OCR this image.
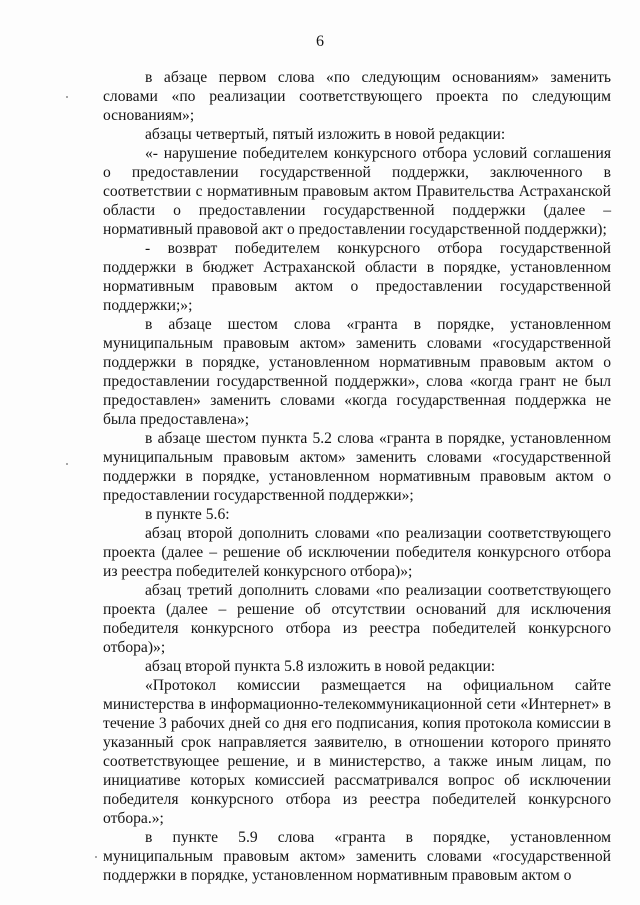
6

в абзаце первом слова «по следующим основаниям» заменить словами «по реализации соответствующего проекта по следующим основаниям»;

абзацы четвертый, пятый изложить в новой редакции:

«- нарушение победителем конкурсного отбора условий соглашения о предоставлении государственной поддержки, заключенного в соответствии с нормативным правовым актом Правительства Астраханской области о предоставлении государственной поддержки (далее – нормативный правовой акт о предоставлении государственной поддержки);

- возврат победителем конкурсного отбора государственной поддержки в бюджет Астраханской области в порядке, установленном нормативным правовым актом о предоставлении государственной поддержки;»;

в абзаце шестом слова «гранта в порядке, установленном муниципальным правовым актом» заменить словами «государственной поддержки в порядке, установленном нормативным правовым актом о предоставлении государственной поддержки», слова «когда грант не был предоставлен» заменить словами «когда государственная поддержка не была предоставлена»;

в абзаце шестом пункта 5.2 слова «гранта в порядке, установленном муниципальным правовым актом» заменить словами «государственной поддержки в порядке, установленном нормативным правовым актом о предоставлении государственной поддержки»;

в пункте 5.6:

абзац второй дополнить словами «по реализации соответствующего проекта (далее – решение об исключении победителя конкурсного отбора из реестра победителей конкурсного отбора)»;

абзац третий дополнить словами «по реализации соответствующего проекта (далее – решение об отсутствии оснований для исключения победителя конкурсного отбора из реестра победителей конкурсного отбора)»;

абзац второй пункта 5.8 изложить в новой редакции:

«Протокол комиссии размещается на официальном сайте министерства в информационно-телекоммуникационной сети «Интернет» в течение 3 рабочих дней со дня его подписания, копия протокола комиссии в указанный срок направляется заявителю, в отношении которого принято соответствующее решение, и в министерство, а также иным лицам, по инициативе которых комиссией рассматривался вопрос об исключении победителя конкурсного отбора из реестра победителей конкурсного отбора.»;

в пункте 5.9 слова «гранта в порядке, установленном муниципальным правовым актом» заменить словами «государственной поддержки в порядке, установленном нормативным правовым актом о
